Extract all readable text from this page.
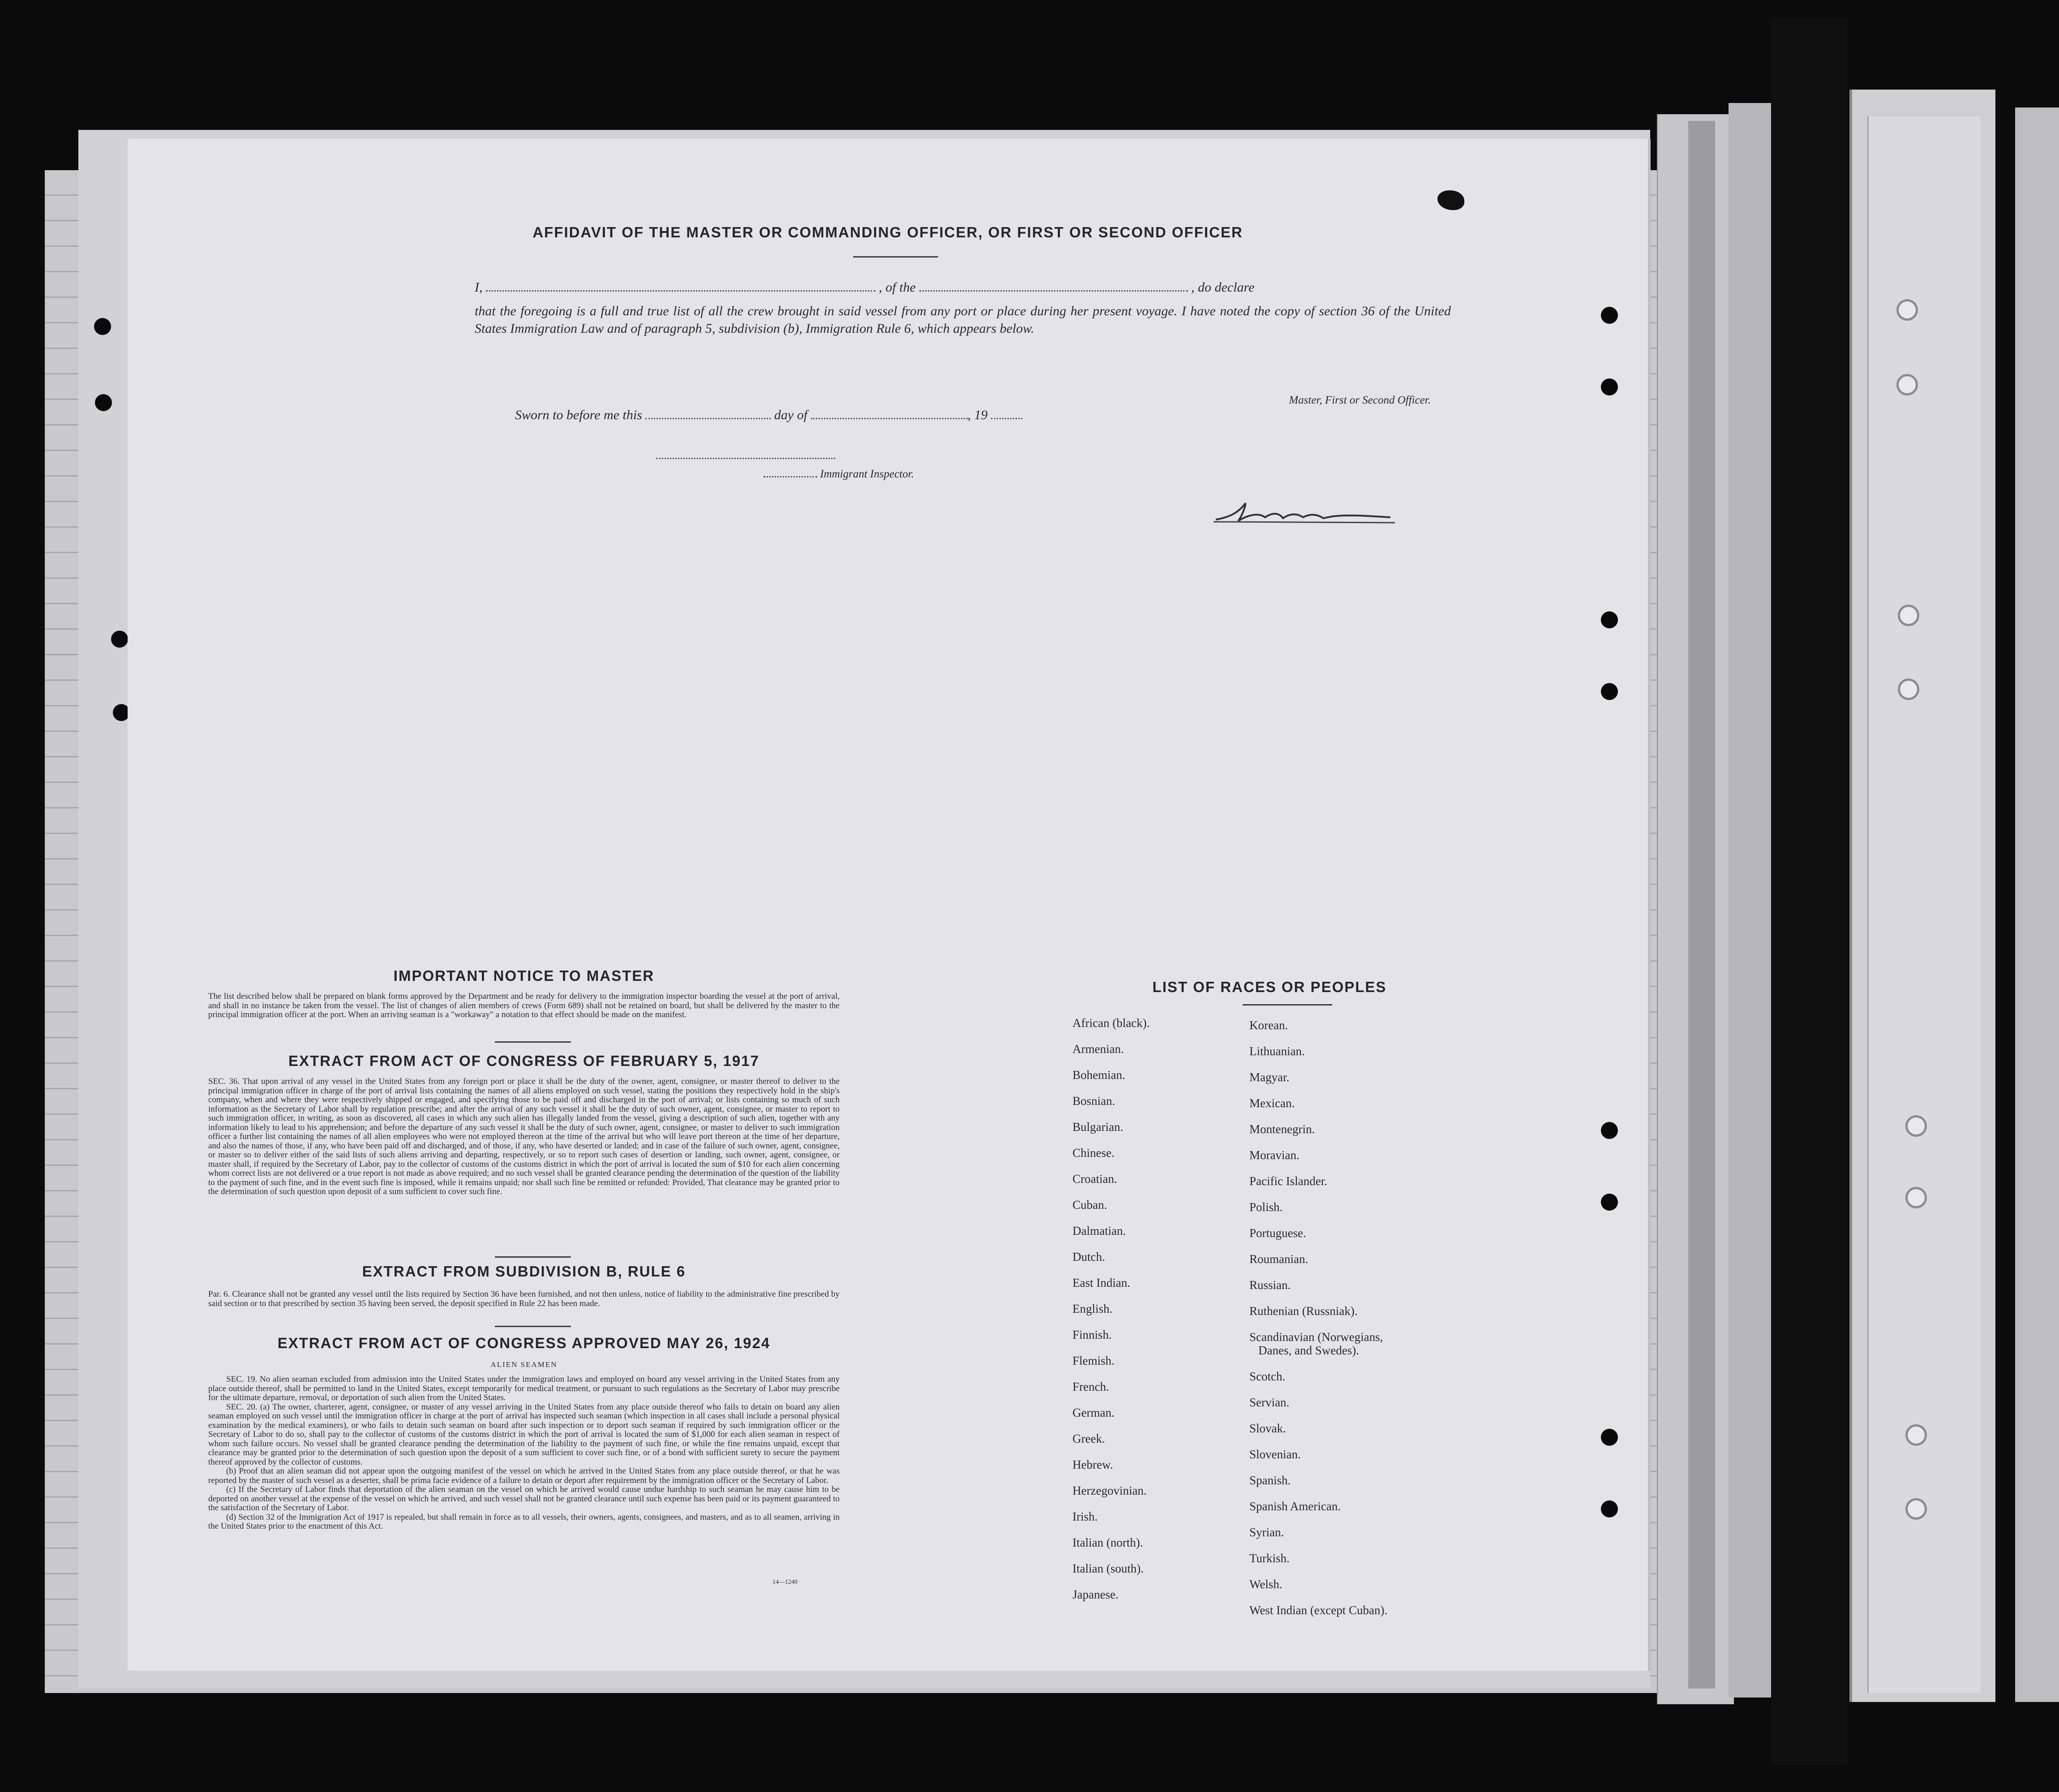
AFFIDAVIT OF THE MASTER OR COMMANDING OFFICER, OR FIRST OR SECOND OFFICER
I,	, of the	, do declare
that the foregoing is a full and true list of all the crew brought in said vessel from any port or place during her present voyage. I have noted the copy of section 36 of the United States Immigration Law and of paragraph 5, subdivision (b), Immigration Rule 6, which appears below.
Master, First or Second Officer.
Sworn to before me this	day of	, 19
Immigrant Inspector.
IMPORTANT NOTICE TO MASTER
The list described below shall be prepared on blank forms approved by the Department and be ready for delivery to the immigration inspector boarding the vessel at the port of arrival, and shall in no instance be taken from the vessel. The list of changes of alien members of crews (Form 689) shall not be retained on board, but shall be delivered by the master to the principal immigration officer at the port. When an arriving seaman is a "workaway" a notation to that effect should be made on the manifest.
EXTRACT FROM ACT OF CONGRESS OF FEBRUARY 5, 1917
SEC. 36. That upon arrival of any vessel in the United States from any foreign port or place it shall be the duty of the owner, agent, consignee, or master thereof to deliver to the principal immigration officer in charge of the port of arrival lists containing the names of all aliens employed on such vessel, stating the positions they respectively hold in the ship's company, when and where they were respectively shipped or engaged, and specifying those to be paid off and discharged in the port of arrival; or lists containing so much of such information as the Secretary of Labor shall by regulation prescribe; and after the arrival of any such vessel it shall be the duty of such owner, agent, consignee, or master to report to such immigration officer, in writing, as soon as discovered, all cases in which any such alien has illegally landed from the vessel, giving a description of such alien, together with any information likely to lead to his apprehension; and before the departure of any such vessel it shall be the duty of such owner, agent, consignee, or master to deliver to such immigration officer a further list containing the names of all alien employees who were not employed thereon at the time of the arrival but who will leave port thereon at the time of her departure, and also the names of those, if any, who have been paid off and discharged, and of those, if any, who have deserted or landed; and in case of the failure of such owner, agent, consignee, or master so to deliver either of the said lists of such aliens arriving and departing, respectively, or so to report such cases of desertion or landing, such owner, agent, consignee, or master shall, if required by the Secretary of Labor, pay to the collector of customs of the customs district in which the port of arrival is located the sum of $10 for each alien concerning whom correct lists are not delivered or a true report is not made as above required; and no such vessel shall be granted clearance pending the determination of the question of the liability to the payment of such fine, and in the event such fine is imposed, while it remains unpaid; nor shall such fine be remitted or refunded: Provided, That clearance may be granted prior to the determination of such question upon deposit of a sum sufficient to cover such fine.
EXTRACT FROM SUBDIVISION B, RULE 6
Par. 6. Clearance shall not be granted any vessel until the lists required by Section 36 have been furnished, and not then unless, notice of liability to the administrative fine prescribed by said section or to that prescribed by section 35 having been served, the deposit specified in Rule 22 has been made.
EXTRACT FROM ACT OF CONGRESS APPROVED MAY 26, 1924
ALIEN SEAMEN
SEC. 19. No alien seaman excluded from admission into the United States under the immigration laws and employed on board any vessel arriving in the United States from any place outside thereof, shall be permitted to land in the United States, except temporarily for medical treatment, or pursuant to such regulations as the Secretary of Labor may prescribe for the ultimate departure, removal, or deportation of such alien from the United States.
SEC. 20. (a) The owner, charterer, agent, consignee, or master of any vessel arriving in the United States from any place outside thereof who fails to detain on board any alien seaman employed on such vessel until the immigration officer in charge at the port of arrival has inspected such seaman (which inspection in all cases shall include a personal physical examination by the medical examiners), or who fails to detain such seaman on board after such inspection or to deport such seaman if required by such immigration officer or the Secretary of Labor to do so, shall pay to the collector of customs of the customs district in which the port of arrival is located the sum of $1,000 for each alien seaman in respect of whom such failure occurs. No vessel shall be granted clearance pending the determination of the liability to the payment of such fine, or while the fine remains unpaid, except that clearance may be granted prior to the determination of such question upon the deposit of a sum sufficient to cover such fine, or of a bond with sufficient surety to secure the payment thereof approved by the collector of customs.
(b) Proof that an alien seaman did not appear upon the outgoing manifest of the vessel on which he arrived in the United States from any place outside thereof, or that he was reported by the master of such vessel as a deserter, shall be prima facie evidence of a failure to detain or deport after requirement by the immigration officer or the Secretary of Labor.
(c) If the Secretary of Labor finds that deportation of the alien seaman on the vessel on which he arrived would cause undue hardship to such seaman he may cause him to be deported on another vessel at the expense of the vessel on which he arrived, and such vessel shall not be granted clearance until such expense has been paid or its payment guaranteed to the satisfaction of the Secretary of Labor.
(d) Section 32 of the Immigration Act of 1917 is repealed, but shall remain in force as to all vessels, their owners, agents, consignees, and masters, and as to all seamen, arriving in the United States prior to the enactment of this Act.
14—1240
LIST OF RACES OR PEOPLES
African (black).
Armenian.
Bohemian.
Bosnian.
Bulgarian.
Chinese.
Croatian.
Cuban.
Dalmatian.
Dutch.
East Indian.
English.
Finnish.
Flemish.
French.
German.
Greek.
Hebrew.
Herzegovinian.
Irish.
Italian (north).
Italian (south).
Japanese.
Korean.
Lithuanian.
Magyar.
Mexican.
Montenegrin.
Moravian.
Pacific Islander.
Polish.
Portuguese.
Roumanian.
Russian.
Ruthenian (Russniak).
Scandinavian (Norwegians,
Danes, and Swedes).
Scotch.
Servian.
Slovak.
Slovenian.
Spanish.
Spanish American.
Syrian.
Turkish.
Welsh.
West Indian (except Cuban).
